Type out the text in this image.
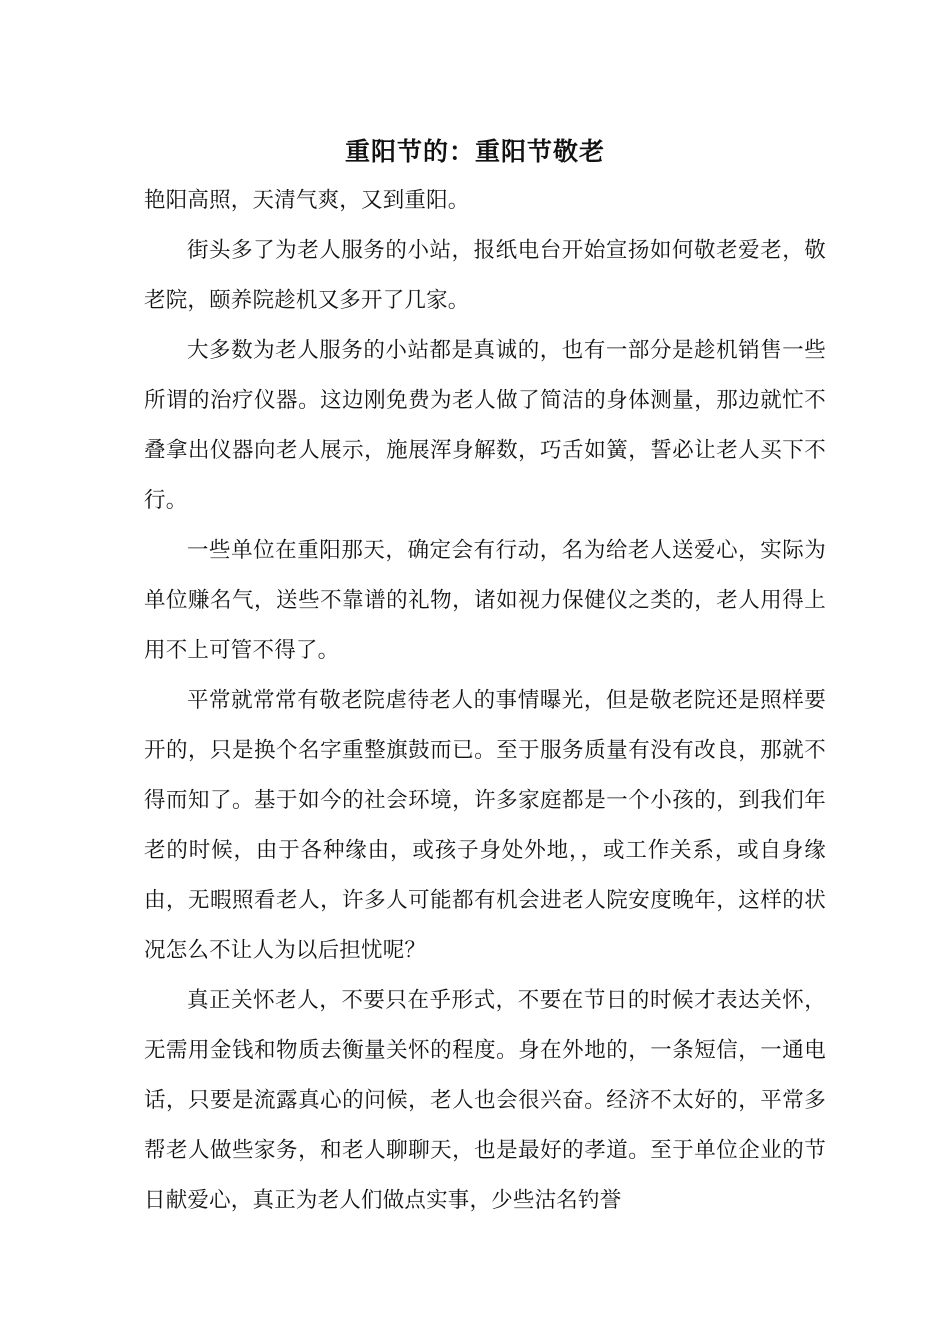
重阳节的：重阳节敬老

艳阳高照，天清气爽，又到重阳。

街头多了为老人服务的小站，报纸电台开始宣扬如何敬老爱老，敬老院，颐养院趁机又多开了几家。

大多数为老人服务的小站都是真诚的，也有一部分是趁机销售一些所谓的治疗仪器。这边刚免费为老人做了简洁的身体测量，那边就忙不叠拿出仪器向老人展示，施展浑身解数，巧舌如簧，誓必让老人买下不行。

一些单位在重阳那天，确定会有行动，名为给老人送爱心，实际为单位赚名气，送些不靠谱的礼物，诸如视力保健仪之类的，老人用得上用不上可管不得了。

平常就常常有敬老院虐待老人的事情曝光，但是敬老院还是照样要开的，只是换个名字重整旗鼓而已。至于服务质量有没有改良，那就不得而知了。基于如今的社会环境，许多家庭都是一个小孩的，到我们年老的时候，由于各种缘由，或孩子身处外地，，或工作关系，或自身缘由，无暇照看老人，许多人可能都有机会进老人院安度晚年，这样的状况怎么不让人为以后担忧呢？

真正关怀老人，不要只在乎形式，不要在节日的时候才表达关怀，无需用金钱和物质去衡量关怀的程度。身在外地的，一条短信，一通电话，只要是流露真心的问候，老人也会很兴奋。经济不太好的，平常多帮老人做些家务，和老人聊聊天，也是最好的孝道。至于单位企业的节日献爱心，真正为老人们做点实事，少些沽名钓誉
